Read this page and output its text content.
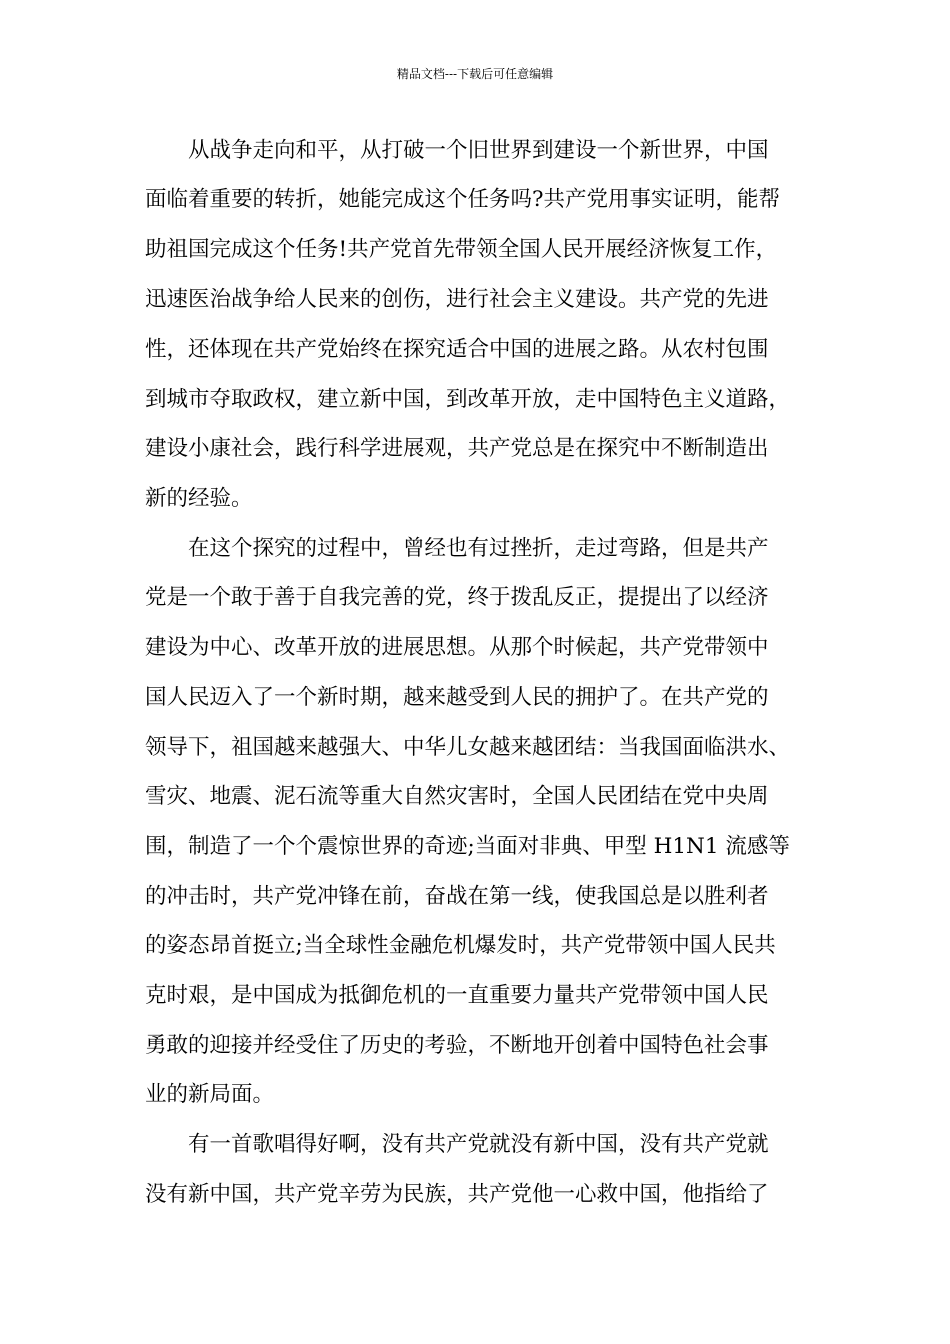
精品文档---下载后可任意编辑
　　从战争走向和平，从打破一个旧世界到建设一个新世界，中国
面临着重要的转折，她能完成这个任务吗?共产党用事实证明，能帮
助祖国完成这个任务!共产党首先带领全国人民开展经济恢复工作，
迅速医治战争给人民来的创伤，进行社会主义建设。共产党的先进
性，还体现在共产党始终在探究适合中国的进展之路。从农村包围
到城市夺取政权，建立新中国，到改革开放，走中国特色主义道路，
建设小康社会，践行科学进展观，共产党总是在探究中不断制造出
新的经验。
　　在这个探究的过程中，曾经也有过挫折，走过弯路，但是共产
党是一个敢于善于自我完善的党，终于拨乱反正，提提出了以经济
建设为中心、改革开放的进展思想。从那个时候起，共产党带领中
国人民迈入了一个新时期，越来越受到人民的拥护了。在共产党的
领导下，祖国越来越强大、中华儿女越来越团结：当我国面临洪水、
雪灾、地震、泥石流等重大自然灾害时，全国人民团结在党中央周
围，制造了一个个震惊世界的奇迹;当面对非典、甲型 H1N1 流感等
的冲击时，共产党冲锋在前，奋战在第一线，使我国总是以胜利者
的姿态昂首挺立;当全球性金融危机爆发时，共产党带领中国人民共
克时艰，是中国成为抵御危机的一直重要力量共产党带领中国人民
勇敢的迎接并经受住了历史的考验，不断地开创着中国特色社会事
业的新局面。
　　有一首歌唱得好啊，没有共产党就没有新中国，没有共产党就
没有新中国，共产党辛劳为民族，共产党他一心救中国，他指给了
